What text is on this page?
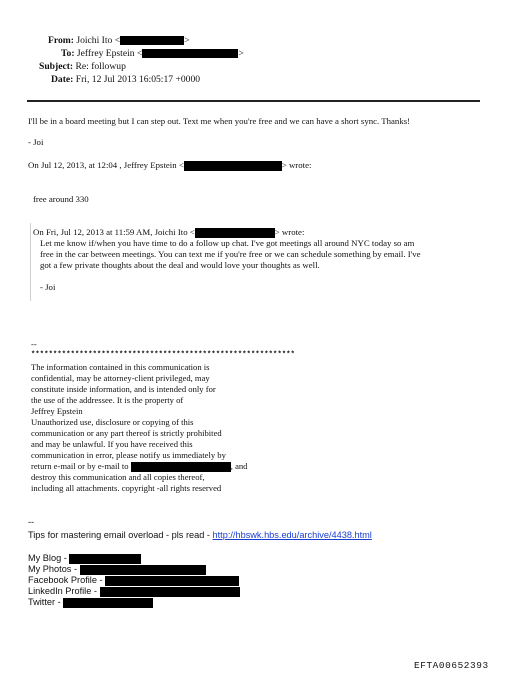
From: Joichi Ito <	>
To: Jeffrey Epstein <	>
Subject: Re: followup
Date: Fri, 12 Jul 2013 16:05:17 +0000
I'll be in a board meeting but I can step out. Text me when you're free and we can have a short sync. Thanks!
- Joi
On Jul 12, 2013, at 12:04 , Jeffrey Epstein <	> wrote:
free around 330
On Fri, Jul 12, 2013 at 11:59 AM, Joichi Ito <	> wrote:
Let me know if/when you have time to do a follow up chat. I've got meetings all around NYC today so am
free in the car between meetings. You can text me if you're free or we can schedule something by email. I've
got a few private thoughts about the deal and would love your thoughts as well.
- Joi
--
************************************************************
The information contained in this communication is
confidential, may be attorney-client privileged, may
constitute inside information, and is intended only for
the use of the addressee. It is the property of
Jeffrey Epstein
Unauthorized use, disclosure or copying of this
communication or any part thereof is strictly prohibited
and may be unlawful. If you have received this
communication in error, please notify us immediately by
return e-mail or by e-mail to	, and
destroy this communication and all copies thereof,
including all attachments. copyright -all rights reserved
--
Tips for mastering email overload - pls read - http://hbswk.hbs.edu/archive/4438.html
My Blog -
My Photos -
Facebook Profile -
LinkedIn Profile -
Twitter -
EFTA00652393
